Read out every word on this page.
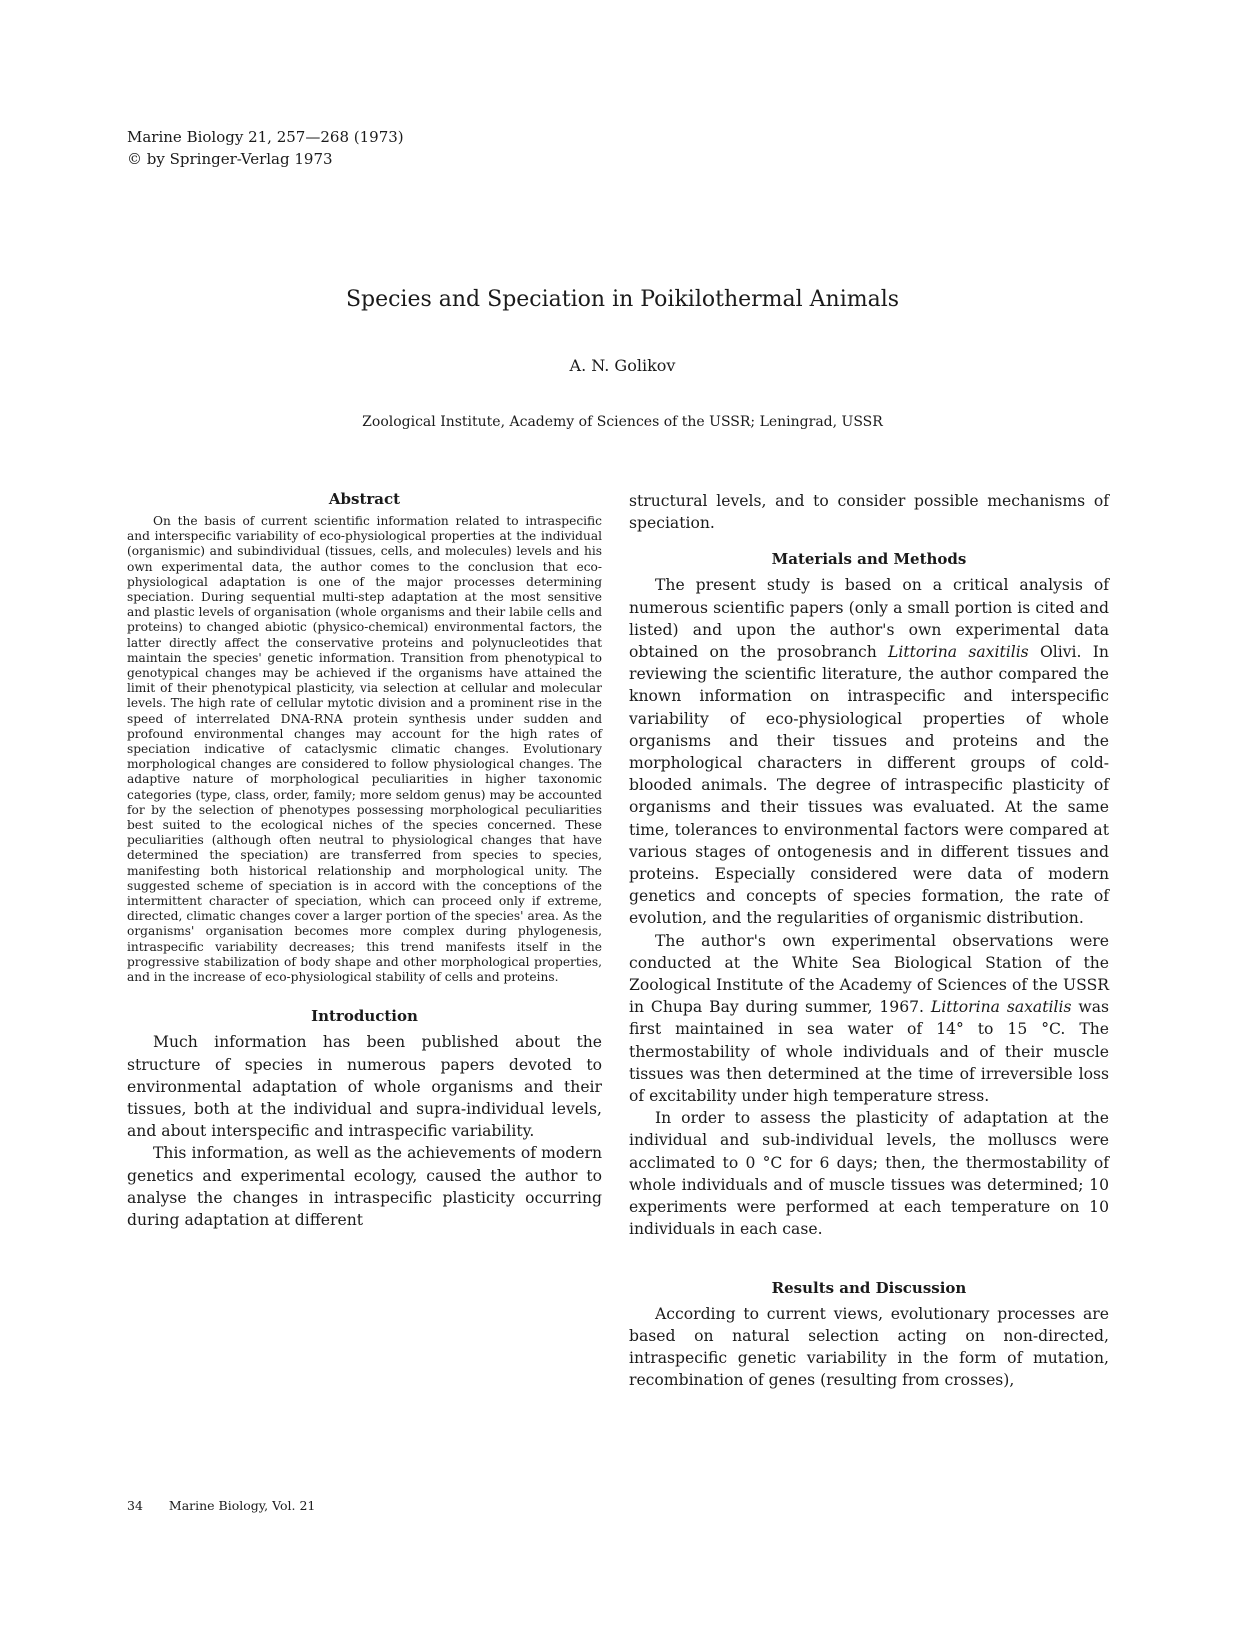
Marine Biology 21, 257—268 (1973)
© by Springer-Verlag 1973
Species and Speciation in Poikilothermal Animals
A. N. Golikov
Zoological Institute, Academy of Sciences of the USSR; Leningrad, USSR
Abstract

On the basis of current scientific information related to intraspecific and interspecific variability of eco-physiological properties at the individual (organismic) and subindividual (tissues, cells, and molecules) levels and his own experimental data, the author comes to the conclusion that eco-physiological adaptation is one of the major processes determining speciation. During sequential multi-step adaptation at the most sensitive and plastic levels of organisation (whole organisms and their labile cells and proteins) to changed abiotic (physico-chemical) environmental factors, the latter directly affect the conservative proteins and polynucleotides that maintain the species' genetic information. Transition from phenotypical to genotypical changes may be achieved if the organisms have attained the limit of their phenotypical plasticity, via selection at cellular and molecular levels. The high rate of cellular mytotic division and a prominent rise in the speed of interrelated DNA-RNA protein synthesis under sudden and profound environmental changes may account for the high rates of speciation indicative of cataclysmic climatic changes. Evolutionary morphological changes are considered to follow physiological changes. The adaptive nature of morphological peculiarities in higher taxonomic categories (type, class, order, family; more seldom genus) may be accounted for by the selection of phenotypes possessing morphological peculiarities best suited to the ecological niches of the species concerned. These peculiarities (although often neutral to physiological changes that have determined the speciation) are transferred from species to species, manifesting both historical relationship and morphological unity. The suggested scheme of speciation is in accord with the conceptions of the intermittent character of speciation, which can proceed only if extreme, directed, climatic changes cover a larger portion of the species' area. As the organisms' organisation becomes more complex during phylogenesis, intraspecific variability decreases; this trend manifests itself in the progressive stabilization of body shape and other morphological properties, and in the increase of eco-physiological stability of cells and proteins.

Introduction

Much information has been published about the structure of species in numerous papers devoted to environmental adaptation of whole organisms and their tissues, both at the individual and supra-individual levels, and about interspecific and intraspecific variability.

This information, as well as the achievements of modern genetics and experimental ecology, caused the author to analyse the changes in intraspecific plasticity occurring during adaptation at different

structural levels, and to consider possible mechanisms of speciation.

Materials and Methods

The present study is based on a critical analysis of numerous scientific papers (only a small portion is cited and listed) and upon the author's own experimental data obtained on the prosobranch Littorina saxitilis Olivi. In reviewing the scientific literature, the author compared the known information on intraspecific and interspecific variability of eco-physiological properties of whole organisms and their tissues and proteins and the morphological characters in different groups of cold-blooded animals. The degree of intraspecific plasticity of organisms and their tissues was evaluated. At the same time, tolerances to environmental factors were compared at various stages of ontogenesis and in different tissues and proteins. Especially considered were data of modern genetics and concepts of species formation, the rate of evolution, and the regularities of organismic distribution.

The author's own experimental observations were conducted at the White Sea Biological Station of the Zoological Institute of the Academy of Sciences of the USSR in Chupa Bay during summer, 1967. Littorina saxatilis was first maintained in sea water of 14° to 15 °C. The thermostability of whole individuals and of their muscle tissues was then determined at the time of irreversible loss of excitability under high temperature stress.

In order to assess the plasticity of adaptation at the individual and sub-individual levels, the molluscs were acclimated to 0 °C for 6 days; then, the thermostability of whole individuals and of muscle tissues was determined; 10 experiments were performed at each temperature on 10 individuals in each case.

Results and Discussion

According to current views, evolutionary processes are based on natural selection acting on non-directed, intraspecific genetic variability in the form of mutation, recombination of genes (resulting from crosses),

34 Marine Biology, Vol. 21
